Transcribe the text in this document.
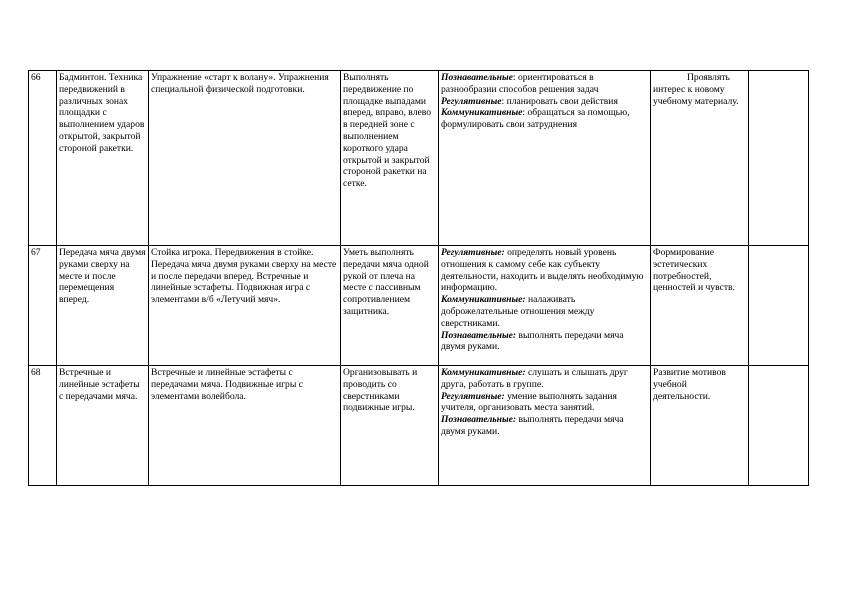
66	Бадминтон. Техника передвижений в различных зонах площадки с выполнением ударов открытой, закрытой стороной ракетки.	Упражнение «старт к волану». Упражнения специальной физической подготовки.	Выполнять передвижение по площадке выпадами вперед, вправо, влево в передней зоне с выполнением короткого удара открытой и закрытой стороной ракетки на сетке.	Познавательные: ориентироваться в разнообразии способов решения задач
Регулятивные: планировать свои действия
Коммуникативные: обращаться за помощью, формулировать свои затруднения	Проявлять интерес к новому учебному материалу.	

67	Передача мяча двумя руками сверху на месте и после перемещения вперед.	Стойка игрока. Передвижения в стойке. Передача мяча двумя руками сверху на месте и после передачи вперед. Встречные и линейные эстафеты. Подвижная игра с элементами в/б «Летучий мяч».	Уметь выполнять передачи мяча одной рукой от плеча на месте с пассивным сопротивлением защитника.	Регулятивные: определять новый уровень отношения к самому себе как субъекту деятельности, находить и выделять необходимую информацию.
Коммуникативные: налаживать доброжелательные отношения между сверстниками.
Познавательные: выполнять передачи мяча двумя руками.	Формирование эстетических потребностей, ценностей и чувств.	
68	Встречные и линейные эстафеты с передачами мяча.	Встречные и линейные эстафеты с передачами мяча. Подвижные игры с элементами волейбола.	Организовывать и проводить со сверстниками подвижные игры.	Коммуникативные: слушать и слышать друг друга, работать в группе.
Регулятивные: умение выполнять задания учителя, организовать места занятий.
Познавательные: выполнять передачи мяча двумя руками.	Развитие мотивов учебной деятельности.	
